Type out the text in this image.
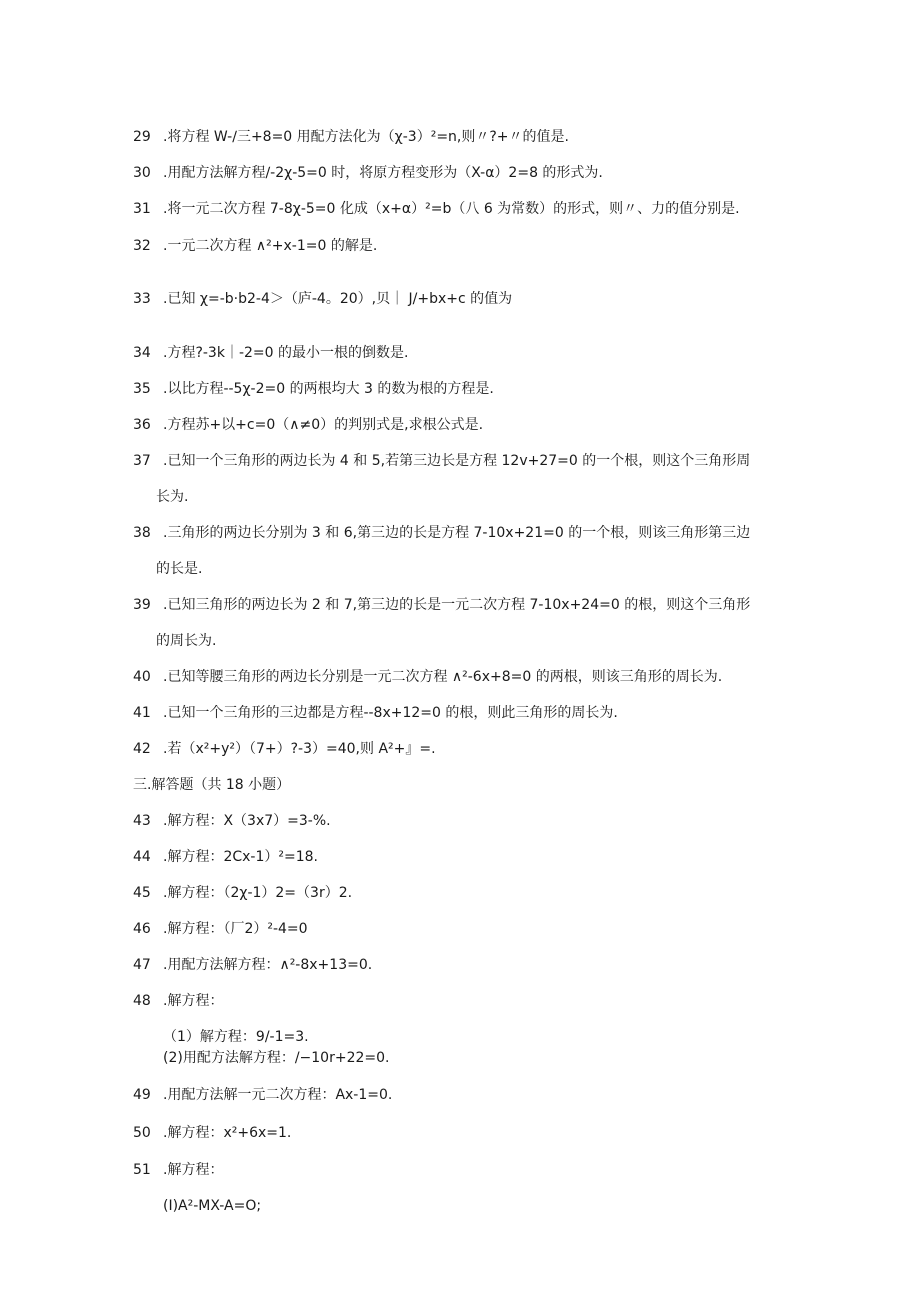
29 .将方程 W-∕三+8=0 用配方法化为（χ-3）²=n,则〃?+〃的值是.
30 .用配方法解方程∕-2χ-5=0 时，将原方程变形为（X-α）2=8 的形式为.
31 .将一元二次方程 7-8χ-5=0 化成（x+α）²=b（八 6 为常数）的形式，则〃、力的值分别是.
32 .一元二次方程 ∧²+x-1=0 的解是.
33 .已知 χ=-b·b2-4＞（庐-4。20）,贝｜ J/+bx+c 的值为
34 .方程?-3k｜-2=0 的最小一根的倒数是.
35 .以比方程--5χ-2=0 的两根均大 3 的数为根的方程是.
36 .方程苏+以+c=0（∧≠0）的判别式是,求根公式是.
37 .已知一个三角形的两边长为 4 和 5,若第三边长是方程 12v+27=0 的一个根，则这个三角形周
长为.
38 .三角形的两边长分别为 3 和 6,第三边的长是方程 7-10x+21=0 的一个根，则该三角形第三边
的长是.
39 .已知三角形的两边长为 2 和 7,第三边的长是一元二次方程 7-10x+24=0 的根，则这个三角形
的周长为.
40 .已知等腰三角形的两边长分别是一元二次方程 ∧²-6x+8=0 的两根，则该三角形的周长为.
41 .已知一个三角形的三边都是方程--8x+12=0 的根，则此三角形的周长为.
42 .若（x²+y²）（7+）?-3）=40,则 A²+』=.
三.解答题（共 18 小题）
43 .解方程：X（3x7）=3-%.
44 .解方程：2Cx-1）²=18.
45 .解方程：（2χ-1）2=（3r）2.
46 .解方程：（厂2）²-4=0
47 .用配方法解方程：∧²-8x+13=0.
48 .解方程：
（1）解方程：9/-1=3.
(2)用配方法解方程：/−10r+22=0.
49 .用配方法解一元二次方程：Ax-1=0.
50 .解方程：x²+6x=1.
51 .解方程：
(I)A²-MX-A=O;
